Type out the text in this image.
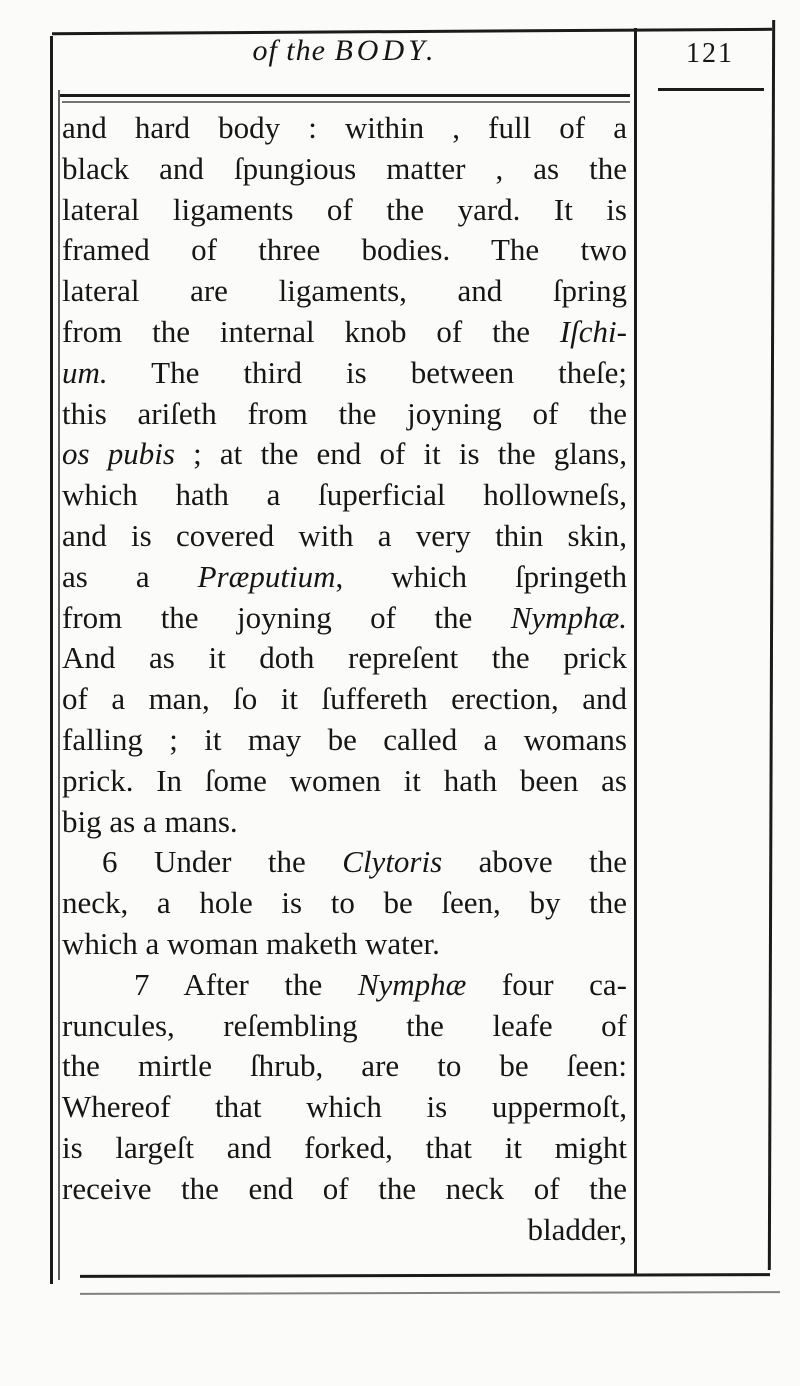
of the BODY.	121
and hard body : within , full of a
black and ſpungious matter , as the
lateral ligaments of the yard. It is
framed of three bodies. The two
lateral are ligaments, and ſpring
from the internal knob of the Iſchi-
um. The third is between theſe;
this ariſeth from the joyning of the
os pubis ; at the end of it is the glans,
which hath a ſuperficial hollowneſs,
and is covered with a very thin skin,
as a Præputium, which ſpringeth
from the joyning of the Nymphæ.
And as it doth repreſent the prick
of a man, ſo it ſuffereth erection, and
falling ; it may be called a womans
prick. In ſome women it hath been as
big as a mans.
6 Under the Clytoris above the
neck, a hole is to be ſeen, by the
which a woman maketh water.
7 After the Nymphæ four ca-
runcules, reſembling the leafe of
the mirtle ſhrub, are to be ſeen:
Whereof that which is uppermoſt,
is largeſt and forked, that it might
receive the end of the neck of the
bladder,
